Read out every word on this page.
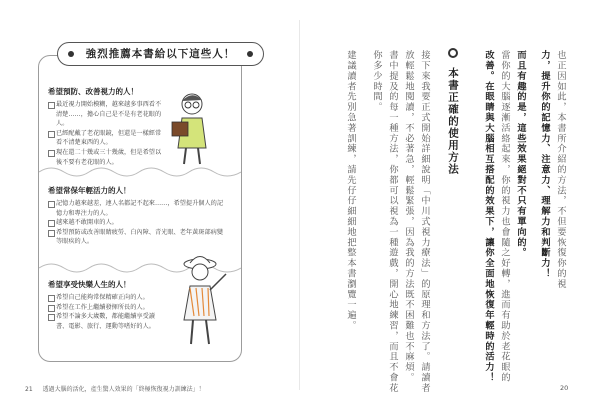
強烈推薦本書給以下這些人！
希望預防、改善視力的人！
最近視力開始模糊，越來越多事西看不清楚……，擔心自己是不是有老花眼的人。
已經配戴了老花眼鏡，但還是一樣經常看不清楚東西的人。
現在還二十幾或三十幾歲，但是希望以後不要有老花眼的人。
希望常保年輕活力的人！
記憶力越來越差，連人名都記不起來……，希望提升個人的記憶力和專注力的人。
越來越不敢開車的人。
希望預防或改善眼睛疲勞、白內障、青光眼、老年黃斑部病變等眼疾的人。
希望享受快樂人生的人！
希望自己能夠常保精確正向的人。
希望在工作上繼續發揮所長的人。
希望不論多大歲數，都能繼續享受讀書、電影、旅行、運動等嗜好的人。
21 透過大腦的活化，產生驚人效果的「終極恢復視力訓練法」！
也正因如此，本書所介紹的方法，不但要恢復你的視
力，提升你的記憶力、注意力、理解力和判斷力！
而且有趣的是，這些效果絕對不只有單向的。
當你的大腦逐漸活絡起來，你的視力也會隨之好轉，進而有助於老花眼的
改善。在眼睛與大腦相互搭配的效果下，讓你全面地恢復年輕時的活力！
本書正確的使用方法
接下來我要正式開始詳細說明「中川式視力療法」的原理和方法了。請讀者
放輕鬆地閱讀，不必著急，輕鬆緊張，因為我的方法既不困難也不麻煩。
書中提及的每一種方法，你都可以視為一種遊戲，開心地練習，而且不會花
你多少時間。
建議讀者先別急著訓練，請先仔仔細細地把整本書瀏覽一遍。
20
